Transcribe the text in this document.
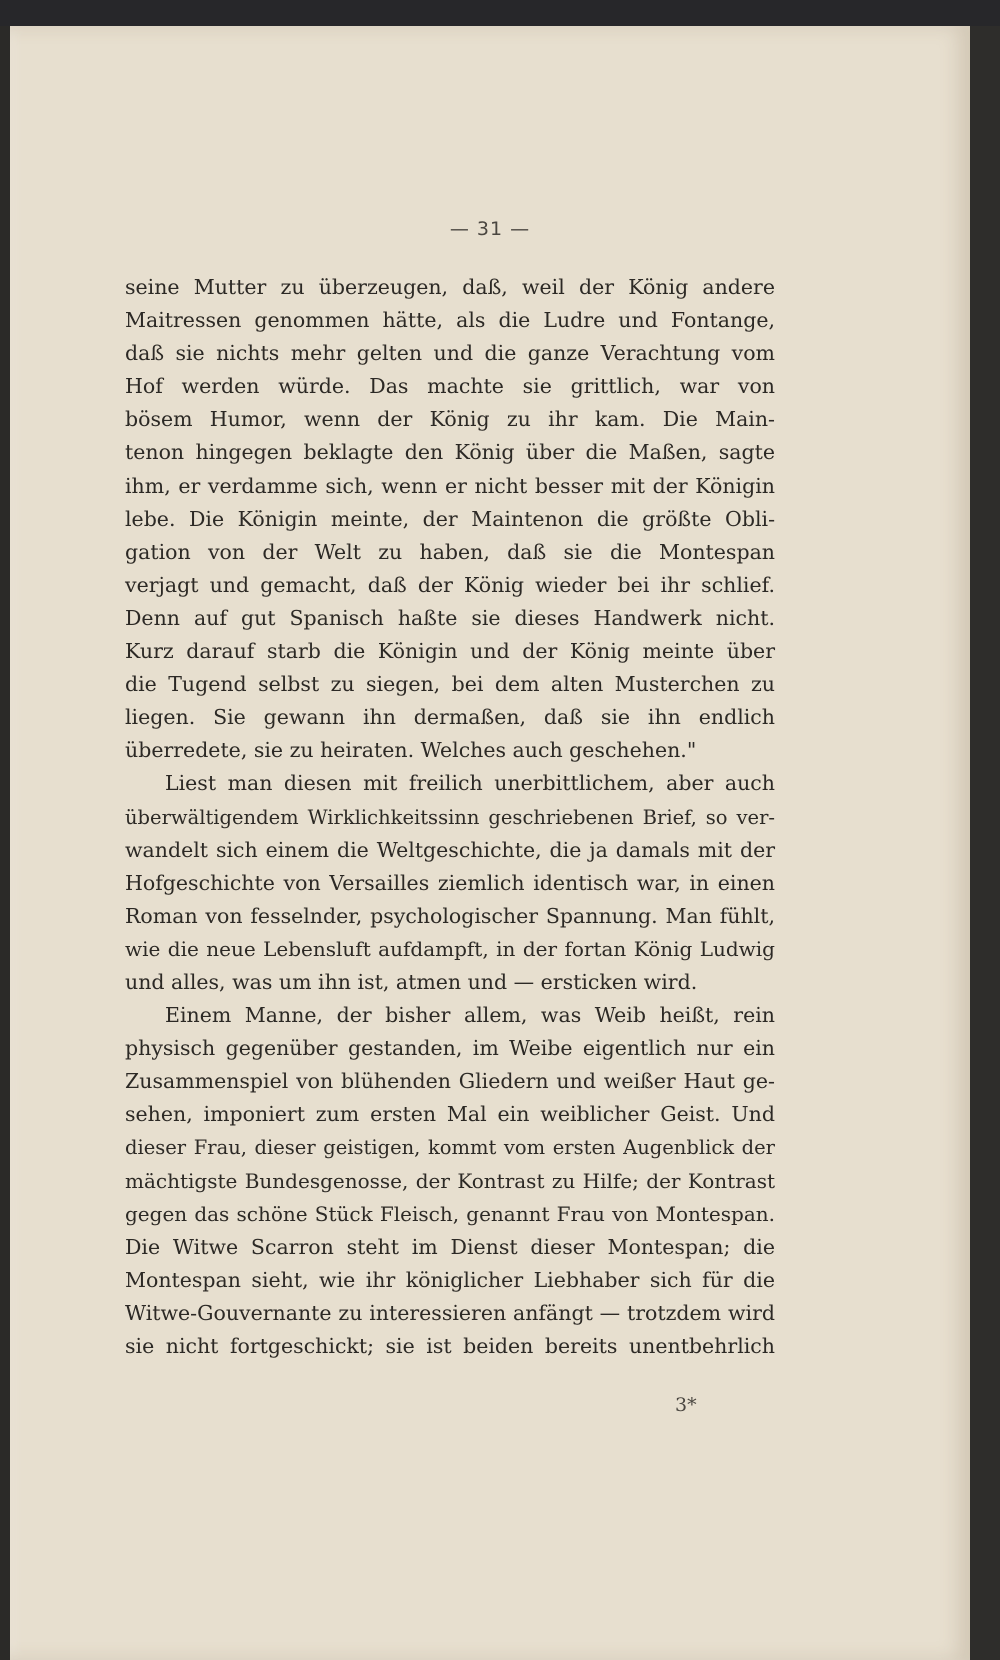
— 31 —
seine Mutter zu überzeugen, daß, weil der König andere
Maitressen genommen hätte, als die Ludre und Fontange,
daß sie nichts mehr gelten und die ganze Verachtung vom
Hof werden würde. Das machte sie grittlich, war von
bösem Humor, wenn der König zu ihr kam. Die Main-
tenon hingegen beklagte den König über die Maßen, sagte
ihm, er verdamme sich, wenn er nicht besser mit der Königin
lebe. Die Königin meinte, der Maintenon die größte Obli-
gation von der Welt zu haben, daß sie die Montespan
verjagt und gemacht, daß der König wieder bei ihr schlief.
Denn auf gut Spanisch haßte sie dieses Handwerk nicht.
Kurz darauf starb die Königin und der König meinte über
die Tugend selbst zu siegen, bei dem alten Musterchen zu
liegen. Sie gewann ihn dermaßen, daß sie ihn endlich
überredete, sie zu heiraten. Welches auch geschehen."
Liest man diesen mit freilich unerbittlichem, aber auch
überwältigendem Wirklichkeitssinn geschriebenen Brief, so ver-
wandelt sich einem die Weltgeschichte, die ja damals mit der
Hofgeschichte von Versailles ziemlich identisch war, in einen
Roman von fesselnder, psychologischer Spannung. Man fühlt,
wie die neue Lebensluft aufdampft, in der fortan König Ludwig
und alles, was um ihn ist, atmen und — ersticken wird.
Einem Manne, der bisher allem, was Weib heißt, rein
physisch gegenüber gestanden, im Weibe eigentlich nur ein
Zusammenspiel von blühenden Gliedern und weißer Haut ge-
sehen, imponiert zum ersten Mal ein weiblicher Geist. Und
dieser Frau, dieser geistigen, kommt vom ersten Augenblick der
mächtigste Bundesgenosse, der Kontrast zu Hilfe; der Kontrast
gegen das schöne Stück Fleisch, genannt Frau von Montespan.
Die Witwe Scarron steht im Dienst dieser Montespan; die
Montespan sieht, wie ihr königlicher Liebhaber sich für die
Witwe-Gouvernante zu interessieren anfängt — trotzdem wird
sie nicht fortgeschickt; sie ist beiden bereits unentbehrlich
3*
